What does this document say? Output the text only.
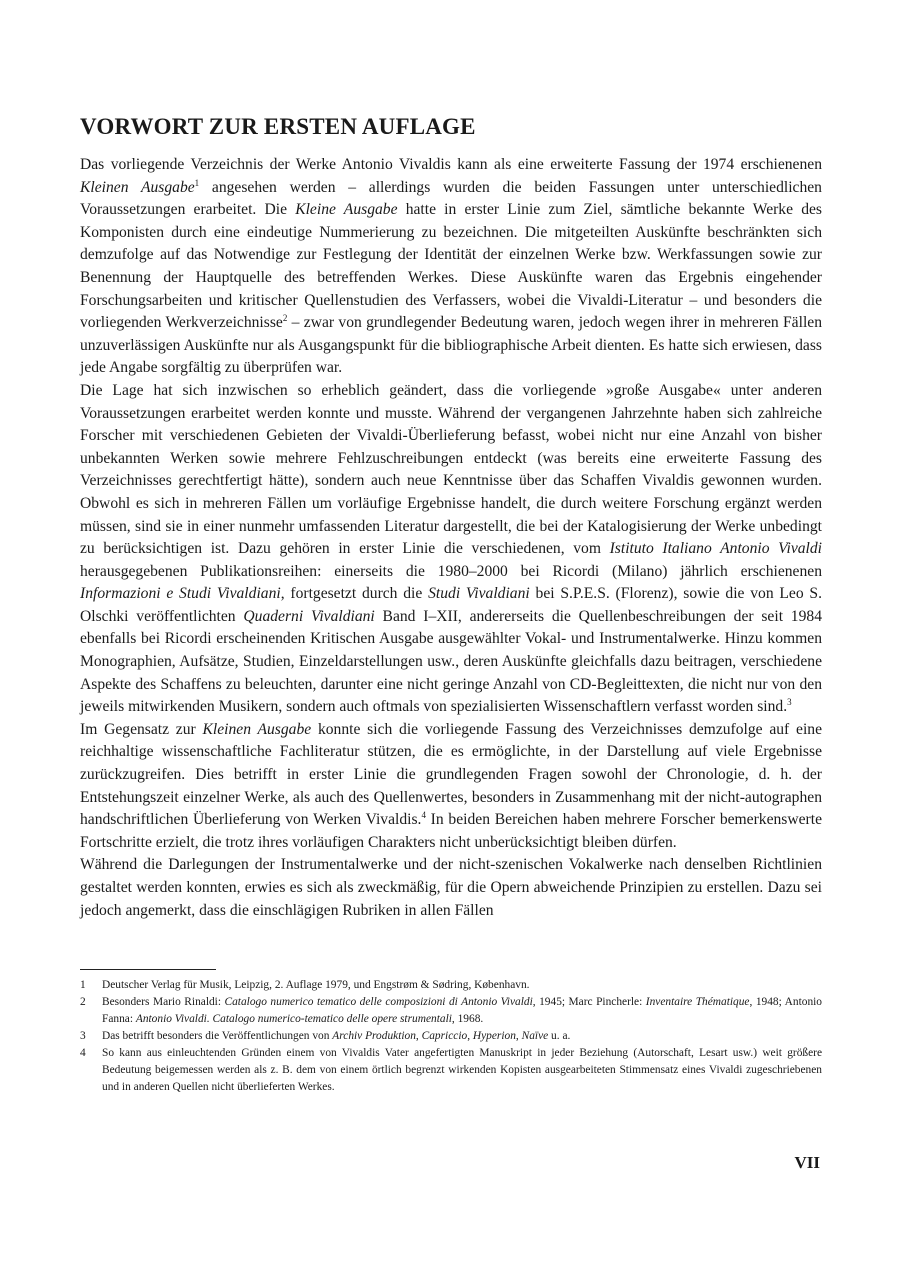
VORWORT ZUR ERSTEN AUFLAGE

Das vorliegende Verzeichnis der Werke Antonio Vivaldis kann als eine erweiterte Fassung der 1974 erschienenen Kleinen Ausgabe$^1$ angesehen werden – allerdings wurden die beiden Fassungen unter unterschiedlichen Voraussetzungen erarbeitet. Die Kleine Ausgabe hatte in erster Linie zum Ziel, sämtliche bekannte Werke des Komponisten durch eine eindeutige Nummerierung zu bezeichnen. Die mitgeteilten Auskünfte beschränkten sich demzufolge auf das Notwendige zur Festlegung der Identität der einzelnen Werke bzw. Werkfassungen sowie zur Benennung der Hauptquelle des betreffenden Werkes. Diese Auskünfte waren das Ergebnis eingehender Forschungsarbeiten und kritischer Quellenstudien des Verfassers, wobei die Vivaldi-Literatur – und besonders die vorliegenden Werkverzeichnisse$^2$ – zwar von grundlegender Bedeutung waren, jedoch wegen ihrer in mehreren Fällen unzuverlässigen Auskünfte nur als Ausgangspunkt für die bibliographische Arbeit dienten. Es hatte sich erwiesen, dass jede Angabe sorgfältig zu überprüfen war.

Die Lage hat sich inzwischen so erheblich geändert, dass die vorliegende »große Ausgabe« unter anderen Voraussetzungen erarbeitet werden konnte und musste. Während der vergangenen Jahrzehnte haben sich zahlreiche Forscher mit verschiedenen Gebieten der Vivaldi-Überlieferung befasst, wobei nicht nur eine Anzahl von bisher unbekannten Werken sowie mehrere Fehlzuschreibungen entdeckt (was bereits eine erweiterte Fassung des Verzeichnisses gerechtfertigt hätte), sondern auch neue Kenntnisse über das Schaffen Vivaldis gewonnen wurden. Obwohl es sich in mehreren Fällen um vorläufige Ergebnisse handelt, die durch weitere Forschung ergänzt werden müssen, sind sie in einer nunmehr umfassenden Literatur dargestellt, die bei der Katalogisierung der Werke unbedingt zu berücksichtigen ist. Dazu gehören in erster Linie die verschiedenen, vom Istituto Italiano Antonio Vivaldi herausgegebenen Publikationsreihen: einerseits die 1980–2000 bei Ricordi (Milano) jährlich erschienenen Informazioni e Studi Vivaldiani, fortgesetzt durch die Studi Vivaldiani bei S.P.E.S. (Florenz), sowie die von Leo S. Olschki veröffentlichten Quaderni Vivaldiani Band I–XII, andererseits die Quellenbeschreibungen der seit 1984 ebenfalls bei Ricordi erscheinenden Kritischen Ausgabe ausgewählter Vokal- und Instrumentalwerke. Hinzu kommen Monographien, Aufsätze, Studien, Einzeldarstellungen usw., deren Auskünfte gleichfalls dazu beitragen, verschiedene Aspekte des Schaffens zu beleuchten, darunter eine nicht geringe Anzahl von CD-Begleittexten, die nicht nur von den jeweils mitwirkenden Musikern, sondern auch oftmals von spezialisierten Wissenschaftlern verfasst worden sind.$^3$

Im Gegensatz zur Kleinen Ausgabe konnte sich die vorliegende Fassung des Verzeichnisses demzufolge auf eine reichhaltige wissenschaftliche Fachliteratur stützen, die es ermöglichte, in der Darstellung auf viele Ergebnisse zurückzugreifen. Dies betrifft in erster Linie die grundlegenden Fragen sowohl der Chronologie, d. h. der Entstehungszeit einzelner Werke, als auch des Quellenwertes, besonders in Zusammenhang mit der nicht-autographen handschriftlichen Überlieferung von Werken Vivaldis.$^4$ In beiden Bereichen haben mehrere Forscher bemerkenswerte Fortschritte erzielt, die trotz ihres vorläufigen Charakters nicht unberücksichtigt bleiben dürfen.

Während die Darlegungen der Instrumentalwerke und der nicht-szenischen Vokalwerke nach denselben Richtlinien gestaltet werden konnten, erwies es sich als zweckmäßig, für die Opern abweichende Prinzipien zu erstellen. Dazu sei jedoch angemerkt, dass die einschlägigen Rubriken in allen Fällen

1	Deutscher Verlag für Musik, Leipzig, 2. Auflage 1979, und Engstrøm & Sødring, København.
2	Besonders Mario Rinaldi: Catalogo numerico tematico delle composizioni di Antonio Vivaldi, 1945; Marc Pincherle: Inventaire Thématique, 1948; Antonio Fanna: Antonio Vivaldi. Catalogo numerico-tematico delle opere strumentali, 1968.
3	Das betrifft besonders die Veröffentlichungen von Archiv Produktion, Capriccio, Hyperion, Naïve u. a.
4	So kann aus einleuchtenden Gründen einem von Vivaldis Vater angefertigten Manuskript in jeder Beziehung (Autorschaft, Lesart usw.) weit größere Bedeutung beigemessen werden als z. B. dem von einem örtlich begrenzt wirkenden Kopisten ausgearbeiteten Stimmensatz eines Vivaldi zugeschriebenen und in anderen Quellen nicht überlieferten Werkes.
VII
